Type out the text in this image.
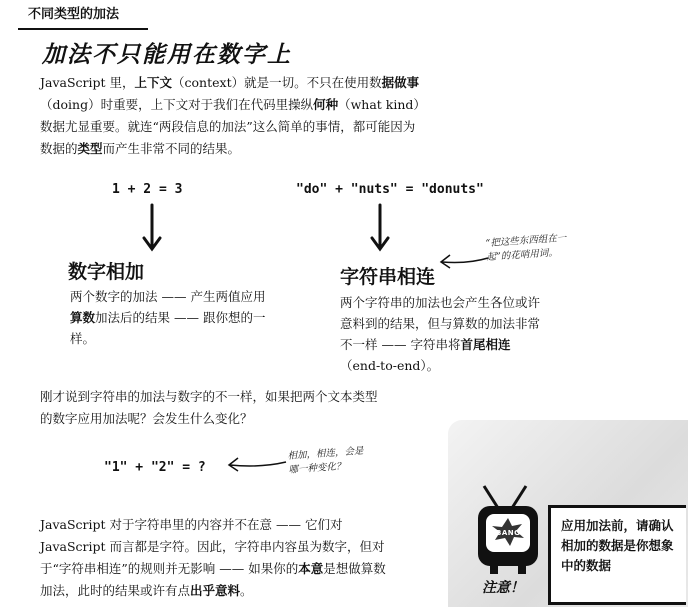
不同类型的加法
加法不只能用在数字上
JavaScript 里，上下文（context）就是一切。不只在使用数据做事（doing）时重要，上下文对于我们在代码里操纵何种（what kind）数据尤显重要。就连“两段信息的加法”这么简单的事情，都可能因为数据的类型而产生非常不同的结果。
1 + 2 = 3
数字相加
两个数字的加法 —— 产生两值应用算数加法后的结果 —— 跟你想的一样。
"do" + "nuts" = "donuts"
字符串相连
“把这些东西组在一起”的花哨用词。
两个字符串的加法也会产生各位或许意料到的结果，但与算数的加法非常不一样 —— 字符串将首尾相连（end-to-end）。
刚才说到字符串的加法与数字的不一样，如果把两个文本类型的数字应用加法呢？会发生什么变化？
"1" + "2" = ?
相加，相连，会是哪一种变化？
JavaScript 对于字符串里的内容并不在意 —— 它们对 JavaScript 而言都是字符。因此，字符串内容虽为数字，但对于“字符串相连”的规则并无影响 —— 如果你的本意是想做算数加法，此时的结果或许有点出乎意料。
BANG!
注意！
应用加法前，请确认相加的数据是你想象中的数据
